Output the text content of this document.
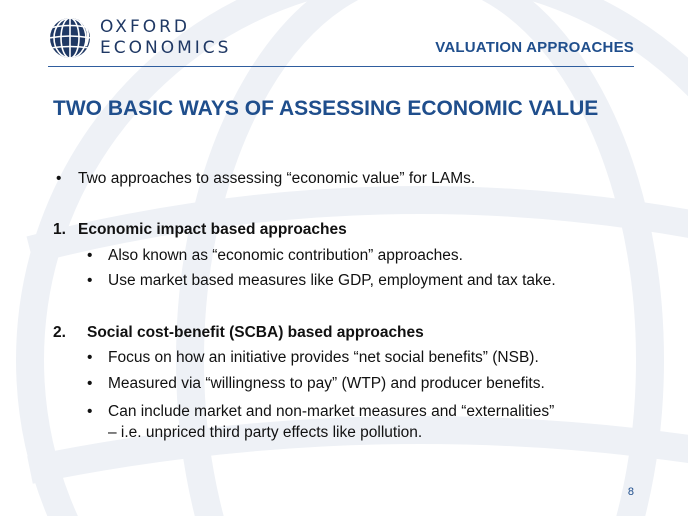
OXFORD
ECONOMICS	VALUATION APPROACHES
TWO BASIC WAYS OF ASSESSING ECONOMIC VALUE
• Two approaches to assessing “economic value” for LAMs.
1. Economic impact based approaches
• Also known as “economic contribution” approaches.
• Use market based measures like GDP, employment and tax take.
2. Social cost-benefit (SCBA) based approaches
• Focus on how an initiative provides “net social benefits” (NSB).
• Measured via “willingness to pay” (WTP) and producer benefits.
• Can include market and non-market measures and “externalities”
– i.e. unpriced third party effects like pollution.
8
